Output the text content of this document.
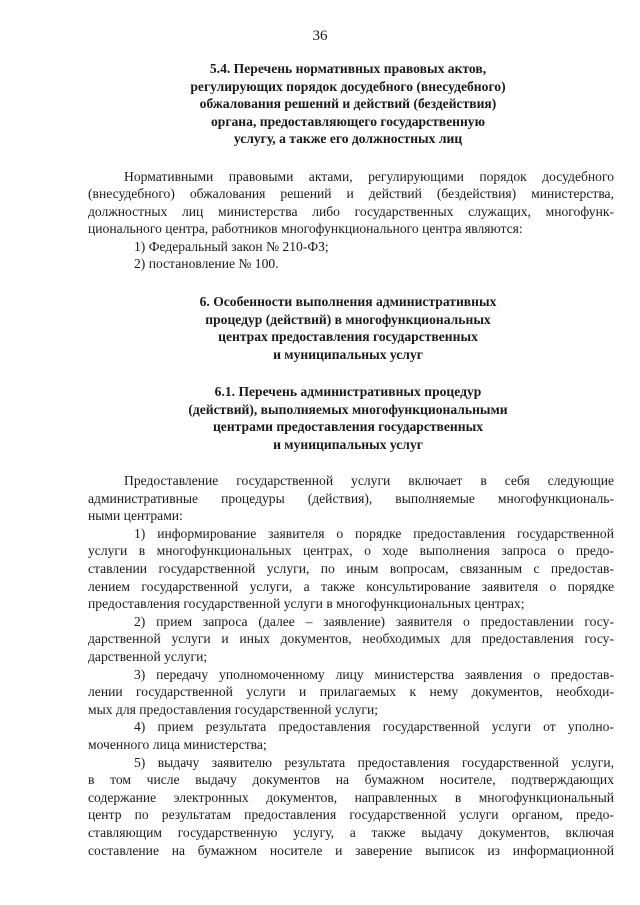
36
5.4. Перечень нормативных правовых актов,
регулирующих порядок досудебного (внесудебного)
обжалования решений и действий (бездействия)
органа, предоставляющего государственную
услугу, а также его должностных лиц
Нормативными правовыми актами, регулирующими порядок досудебного
(внесудебного) обжалования решений и действий (бездействия) министерства,
должностных лиц министерства либо государственных служащих, многофунк-
ционального центра, работников многофункционального центра являются:
1) Федеральный закон № 210-ФЗ;
2) постановление № 100.
6. Особенности выполнения административных
процедур (действий) в многофункциональных
центрах предоставления государственных
и муниципальных услуг
6.1. Перечень административных процедур
(действий), выполняемых многофункциональными
центрами предоставления государственных
и муниципальных услуг
Предоставление государственной услуги включает в себя следующие
административные процедуры (действия), выполняемые многофункциональ-
ными центрами:
1) информирование заявителя о порядке предоставления государственной
услуги в многофункциональных центрах, о ходе выполнения запроса о предо-
ставлении государственной услуги, по иным вопросам, связанным с предостав-
лением государственной услуги, а также консультирование заявителя о порядке
предоставления государственной услуги в многофункциональных центрах;
2) прием запроса (далее – заявление) заявителя о предоставлении госу-
дарственной услуги и иных документов, необходимых для предоставления госу-
дарственной услуги;
3) передачу уполномоченному лицу министерства заявления о предостав-
лении государственной услуги и прилагаемых к нему документов, необходи-
мых для предоставления государственной услуги;
4) прием результата предоставления государственной услуги от уполно-
моченного лица министерства;
5) выдачу заявителю результата предоставления государственной услуги,
в том числе выдачу документов на бумажном носителе, подтверждающих
содержание электронных документов, направленных в многофункциональный
центр по результатам предоставления государственной услуги органом, предо-
ставляющим государственную услугу, а также выдачу документов, включая
составление на бумажном носителе и заверение выписок из информационной
